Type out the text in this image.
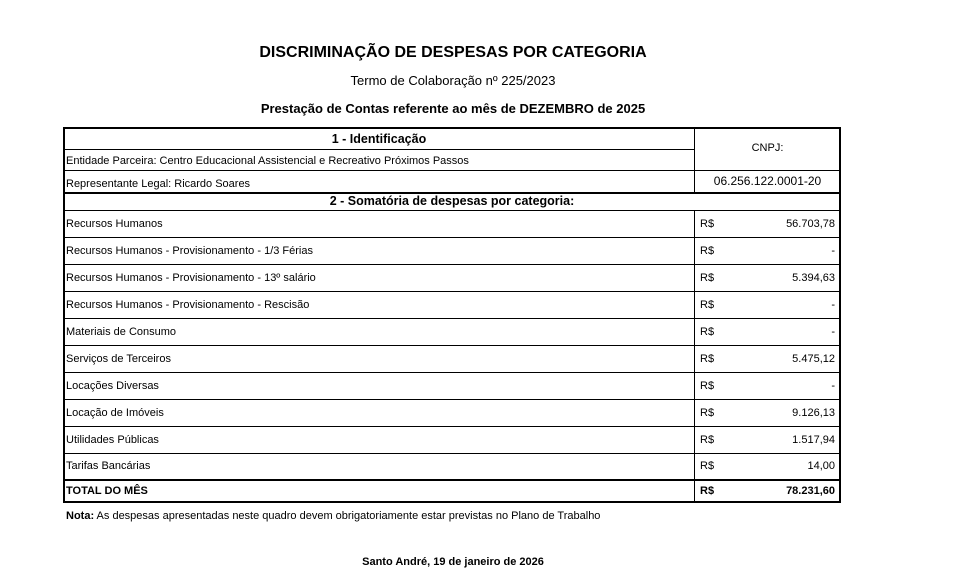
DISCRIMINAÇÃO DE DESPESAS POR CATEGORIA
Termo de Colaboração nº 225/2023
Prestação de Contas referente ao mês de DEZEMBRO de 2025
1 - Identificação
Entidade Parceira: Centro Educacional Assistencial e Recreativo Próximos Passos
Representante Legal: Ricardo Soares
CNPJ:
06.256.122.0001-20
2 - Somatória de despesas por categoria:
Recursos Humanos	R$	56.703,78
Recursos Humanos - Provisionamento - 1/3 Férias	R$	-
Recursos Humanos - Provisionamento - 13º salário	R$	5.394,63
Recursos Humanos - Provisionamento - Rescisão	R$	-
Materiais de Consumo	R$	-
Serviços de Terceiros	R$	5.475,12
Locações Diversas	R$	-
Locação de Imóveis	R$	9.126,13
Utilidades Públicas	R$	1.517,94
Tarifas Bancárias	R$	14,00
TOTAL DO MÊS	R$	78.231,60
Nota: As despesas apresentadas neste quadro devem obrigatoriamente estar previstas no Plano de Trabalho
Santo André, 19 de janeiro de 2026
